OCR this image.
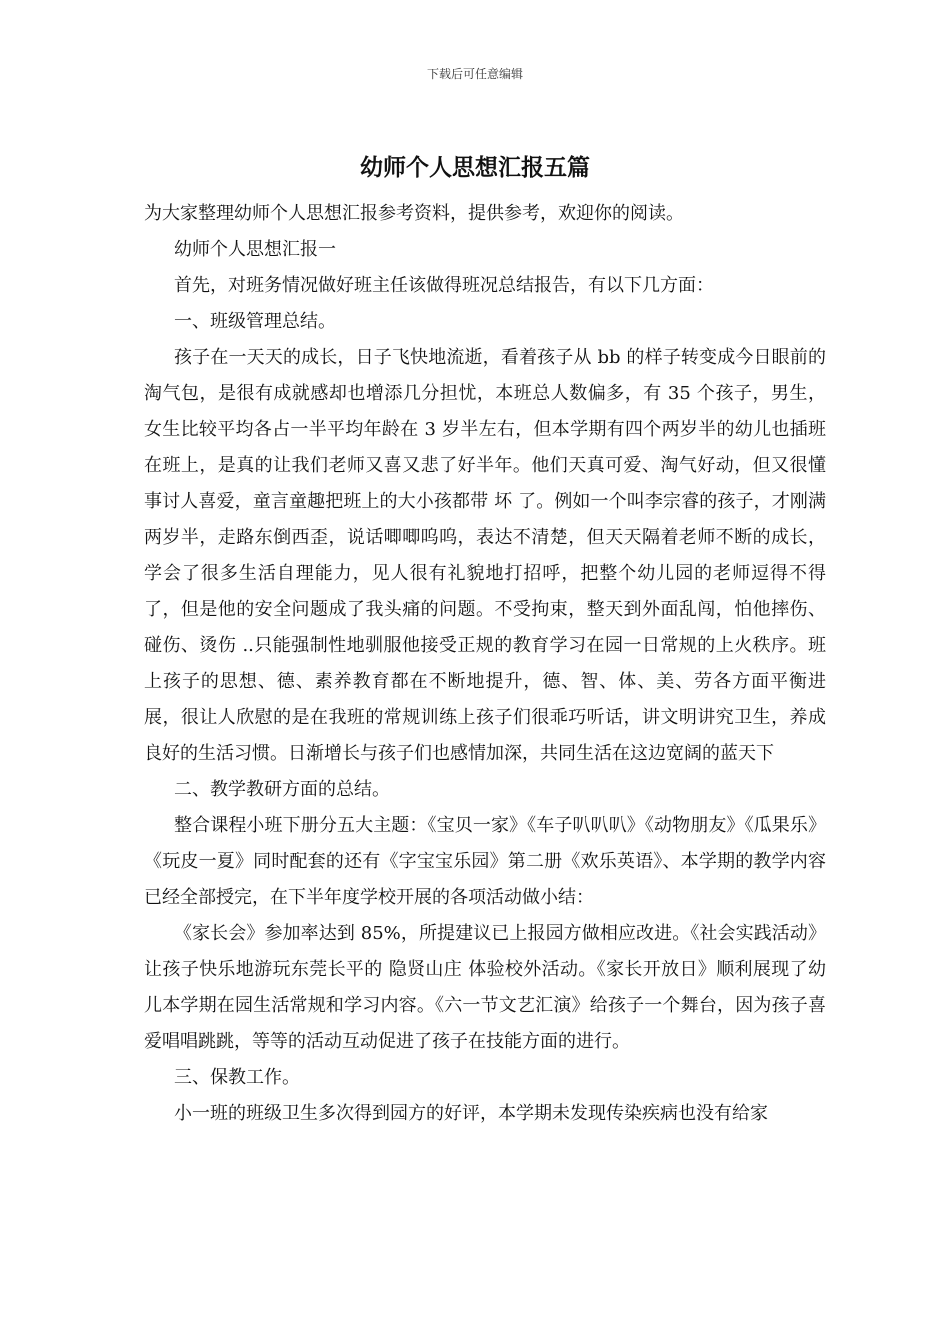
下载后可任意编辑
幼师个人思想汇报五篇

为大家整理幼师个人思想汇报参考资料，提供参考，欢迎你的阅读。

幼师个人思想汇报一

首先，对班务情况做好班主任该做得班况总结报告，有以下几方面：

一、班级管理总结。

孩子在一天天的成长，日子飞快地流逝，看着孩子从 bb 的样子转变成今日眼前的淘气包，是很有成就感却也增添几分担忧，本班总人数偏多，有 35 个孩子，男生，女生比较平均各占一半平均年龄在 3 岁半左右，但本学期有四个两岁半的幼儿也插班在班上，是真的让我们老师又喜又悲了好半年。他们天真可爱、淘气好动，但又很懂事讨人喜爱，童言童趣把班上的大小孩都带 坏 了。例如一个叫李宗睿的孩子，才刚满两岁半，走路东倒西歪，说话唧唧呜呜，表达不清楚，但天天隔着老师不断的成长，学会了很多生活自理能力，见人很有礼貌地打招呼，把整个幼儿园的老师逗得不得了，但是他的安全问题成了我头痛的问题。不受拘束，整天到外面乱闯，怕他摔伤、碰伤、烫伤 ..只能强制性地驯服他接受正规的教育学习在园一日常规的上火秩序。班上孩子的思想、德、素养教育都在不断地提升，德、智、体、美、劳各方面平衡进展，很让人欣慰的是在我班的常规训练上孩子们很乖巧听话，讲文明讲究卫生，养成良好的生活习惯。日渐增长与孩子们也感情加深，共同生活在这边宽阔的蓝天下

二、教学教研方面的总结。

整合课程小班下册分五大主题：《宝贝一家》《车子叭叭叭》《动物朋友》《瓜果乐》《玩皮一夏》同时配套的还有《字宝宝乐园》第二册《欢乐英语》、本学期的教学内容已经全部授完，在下半年度学校开展的各项活动做小结：

《家长会》参加率达到 85%，所提建议已上报园方做相应改进。《社会实践活动》让孩子快乐地游玩东莞长平的 隐贤山庄 体验校外活动。《家长开放日》顺利展现了幼儿本学期在园生活常规和学习内容。《六一节文艺汇演》给孩子一个舞台，因为孩子喜爱唱唱跳跳，等等的活动互动促进了孩子在技能方面的进行。

三、保教工作。

小一班的班级卫生多次得到园方的好评，本学期未发现传染疾病也没有给家
